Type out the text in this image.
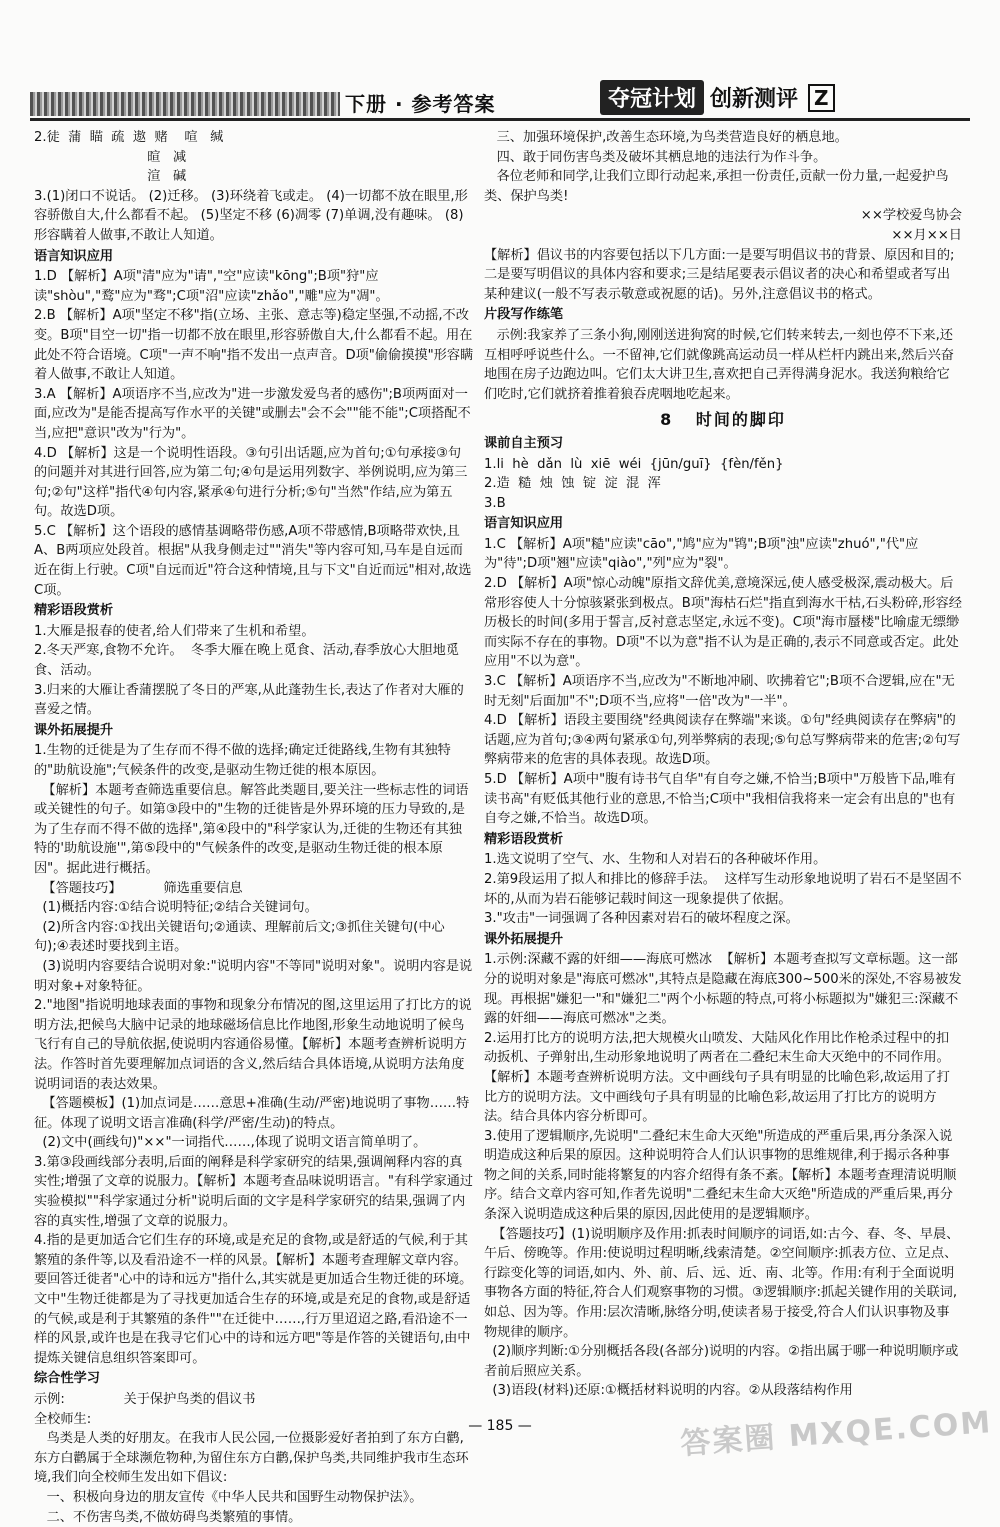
下册 · 参考答案	夺冠计划 创新测评 Z

2.徒  蒲  瞄  疏  遨  赌    喧   缄
暄   减
渲   碱

3.(1)闭口不说话。 (2)迁移。 (3)环绕着飞或走。 (4)一切都不放在眼里,形容骄傲自大,什么都看不起。 (5)坚定不移 (6)凋零 (7)单调,没有趣味。 (8)形容瞒着人做事,不敢让人知道。

语言知识应用

1.D 【解析】A项"清"应为"请","空"应读"kōng";B项"狩"应读"shòu","鹜"应为"骛";C项"沼"应读"zhǎo","雕"应为"凋"。

2.B 【解析】A项"坚定不移"指(立场、主张、意志等)稳定坚强,不动摇,不改变。B项"目空一切"指一切都不放在眼里,形容骄傲自大,什么都看不起。用在此处不符合语境。C项"一声不响"指不发出一点声音。D项"偷偷摸摸"形容瞒着人做事,不敢让人知道。

3.A 【解析】A项语序不当,应改为"进一步激发爱鸟者的感伤";B项两面对一面,应改为"是能否提高写作水平的关键"或删去"会不会""能不能";C项搭配不当,应把"意识"改为"行为"。

4.D 【解析】这是一个说明性语段。③句引出话题,应为首句;①句承接③句的问题并对其进行回答,应为第二句;④句是运用列数字、举例说明,应为第三句;②句"这样"指代④句内容,紧承④句进行分析;⑤句"当然"作结,应为第五句。故选D项。

5.C 【解析】这个语段的感情基调略带伤感,A项不带感情,B项略带欢快,且A、B两项应处段首。根据"从我身侧走过""消失"等内容可知,马车是自远而近在街上行驶。C项"自远而近"符合这种情境,且与下文"自近而远"相对,故选C项。

精彩语段赏析

1.大雁是报春的使者,给人们带来了生机和希望。

2.冬天严寒,食物不允许。  冬季大雁在晚上觅食、活动,春季放心大胆地觅食、活动。

3.归来的大雁让香蒲摆脱了冬日的严寒,从此蓬勃生长,表达了作者对大雁的喜爱之情。

课外拓展提升

1.生物的迁徙是为了生存而不得不做的选择;确定迁徙路线,生物有其独特的"助航设施";气候条件的改变,是驱动生物迁徙的根本原因。

【解析】本题考查筛选重要信息。解答此类题目,要关注一些标志性的词语或关键性的句子。如第③段中的"生物的迁徙皆是外界环境的压力导致的,是为了生存而不得不做的选择",第④段中的"科学家认为,迁徙的生物还有其独特的'助航设施'",第⑤段中的"气候条件的改变,是驱动生物迁徙的根本原因"。据此进行概括。

【答题技巧】          筛选重要信息

(1)概括内容:①结合说明特征;②结合关键词句。

(2)所含内容:①找出关键语句;②通读、理解前后文;③抓住关键句(中心句);④表述时要找到主语。

(3)说明内容要结合说明对象:"说明内容"不等同"说明对象"。说明内容是说明对象+对象特征。

2."地图"指说明地球表面的事物和现象分布情况的图,这里运用了打比方的说明方法,把候鸟大脑中记录的地球磁场信息比作地图,形象生动地说明了候鸟飞行有自己的导航依据,使说明内容通俗易懂。【解析】本题考查辨析说明方法。作答时首先要理解加点词语的含义,然后结合具体语境,从说明方法角度说明词语的表达效果。

【答题模板】(1)加点词是……意思+准确(生动/严密)地说明了事物……特征。体现了说明文语言准确(科学/严密/生动)的特点。

(2)文中(画线句)"××"一词指代……,体现了说明文语言简单明了。

3.第③段画线部分表明,后面的阐释是科学家研究的结果,强调阐释内容的真实性;增强了文章的说服力。【解析】本题考查品味说明语言。"有科学家通过实验模拟""科学家通过分析"说明后面的文字是科学家研究的结果,强调了内容的真实性,增强了文章的说服力。

4.指的是更加适合它们生存的环境,或是充足的食物,或是舒适的气候,利于其繁殖的条件等,以及看沿途不一样的风景。【解析】本题考查理解文章内容。要回答迁徙者"心中的诗和远方"指什么,其实就是更加适合生物迁徙的环境。文中"生物迁徙都是为了寻找更加适合生存的环境,或是充足的食物,或是舒适的气候,或是利于其繁殖的条件""在迁徙中……,行万里迢迢之路,看沿途不一样的风景,或许也是在我寻它们心中的诗和远方吧"等是作答的关键语句,由中提炼关键信息组织答案即可。

综合性学习

示例:              关于保护鸟类的倡议书

全校师生:

鸟类是人类的好朋友。在我市人民公园,一位摄影爱好者拍到了东方白鹳,东方白鹳属于全球濒危物种,为留住东方白鹳,保护鸟类,共同维护我市生态环境,我们向全校师生发出如下倡议:

一、积极向身边的朋友宣传《中华人民共和国野生动物保护法》。

二、不伤害鸟类,不做妨碍鸟类繁殖的事情。

三、加强环境保护,改善生态环境,为鸟类营造良好的栖息地。

四、敢于同伤害鸟类及破坏其栖息地的违法行为作斗争。

各位老师和同学,让我们立即行动起来,承担一份责任,贡献一份力量,一起爱护鸟类、保护鸟类!

××学校爱鸟协会

××月××日

【解析】倡议书的内容要包括以下几方面:一是要写明倡议书的背景、原因和目的;二是要写明倡议的具体内容和要求;三是结尾要表示倡议者的决心和希望或者写出某种建议(一般不写表示敬意或祝愿的话)。另外,注意倡议书的格式。

片段写作练笔

示例:我家养了三条小狗,刚刚送进狗窝的时候,它们转来转去,一刻也停不下来,还互相呼呼说些什么。一不留神,它们就像跳高运动员一样从栏杆内跳出来,然后兴奋地围在房子边跑边叫。它们太大讲卫生,喜欢把自己弄得满身泥水。我送狗粮给它们吃时,它们就挤着推着狼吞虎咽地吃起来。

8   时间的脚印

课前自主预习

1.li  hè  dǎn  lù  xiē  wéi  {jūn/guī}  {fèn/fěn}

2.造  糙  烛  蚀  锭  淀  混  浑

3.B

语言知识应用

1.C 【解析】A项"糙"应读"cāo","鸠"应为"鸨";B项"浊"应读"zhuó","代"应为"待";D项"翘"应读"qiào","列"应为"裂"。

2.D 【解析】A项"惊心动魄"原指文辞优美,意境深远,使人感受极深,震动极大。后常形容使人十分惊骇紧张到极点。B项"海枯石烂"指直到海水干枯,石头粉碎,形容经历极长的时间(多用于誓言,反衬意志坚定,永远不变)。C项"海市蜃楼"比喻虚无缥缈而实际不存在的事物。D项"不以为意"指不认为是正确的,表示不同意或否定。此处应用"不以为意"。

3.C 【解析】A项语序不当,应改为"不断地冲刷、吹拂着它";B项不合逻辑,应在"无时无刻"后面加"不";D项不当,应将"一倍"改为"一半"。

4.D 【解析】语段主要围绕"经典阅读存在弊端"来谈。①句"经典阅读存在弊病"的话题,应为首句;③④两句紧承①句,列举弊病的表现;⑤句总写弊病带来的危害;②句写弊病带来的危害的具体表现。故选D项。

5.D 【解析】A项中"腹有诗书气自华"有自夸之嫌,不恰当;B项中"万般皆下品,唯有读书高"有贬低其他行业的意思,不恰当;C项中"我相信我将来一定会有出息的"也有自夸之嫌,不恰当。故选D项。

精彩语段赏析

1.选文说明了空气、水、生物和人对岩石的各种破坏作用。

2.第9段运用了拟人和排比的修辞手法。  这样写生动形象地说明了岩石不是坚固不坏的,从而为岩石能够记载时间这一现象提供了依据。

3."攻击"一词强调了各种因素对岩石的破坏程度之深。

课外拓展提升

1.示例:深藏不露的奸细——海底可燃冰  【解析】本题考查拟写文章标题。这一部分的说明对象是"海底可燃冰",其特点是隐藏在海底300~500米的深处,不容易被发现。再根据"嫌犯一"和"嫌犯二"两个小标题的特点,可将小标题拟为"嫌犯三:深藏不露的奸细——海底可燃冰"之类。

2.运用打比方的说明方法,把大规模火山喷发、大陆风化作用比作枪杀过程中的扣动扳机、子弹射出,生动形象地说明了两者在二叠纪末生命大灭绝中的不同作用。【解析】本题考查辨析说明方法。文中画线句子具有明显的比喻色彩,故运用了打比方的说明方法。文中画线句子具有明显的比喻色彩,故运用了打比方的说明方法。结合具体内容分析即可。

3.使用了逻辑顺序,先说明"二叠纪末生命大灭绝"所造成的严重后果,再分条深入说明造成这种后果的原因。这种说明符合人们认识事物的思维规律,利于揭示各种事物之间的关系,同时能将繁复的内容介绍得有条不紊。【解析】本题考查理清说明顺序。结合文章内容可知,作者先说明"二叠纪末生命大灭绝"所造成的严重后果,再分条深入说明造成这种后果的原因,因此使用的是逻辑顺序。

【答题技巧】(1)说明顺序及作用:抓表时间顺序的词语,如:古今、春、冬、早晨、午后、傍晚等。作用:使说明过程明晰,线索清楚。②空间顺序:抓表方位、立足点、行踪变化等的词语,如内、外、前、后、远、近、南、北等。作用:有利于全面说明事物各方面的特征,符合人们观察事物的习惯。③逻辑顺序:抓起关键作用的关联词,如总、因为等。作用:层次清晰,脉络分明,使读者易于接受,符合人们认识事物及事物规律的顺序。

(2)顺序判断:①分别概括各段(各部分)说明的内容。②指出属于哪一种说明顺序或者前后照应关系。

(3)语段(材料)还原:①概括材料说明的内容。②从段落结构作用

— 185 —	答案圈 MXQE.COM
